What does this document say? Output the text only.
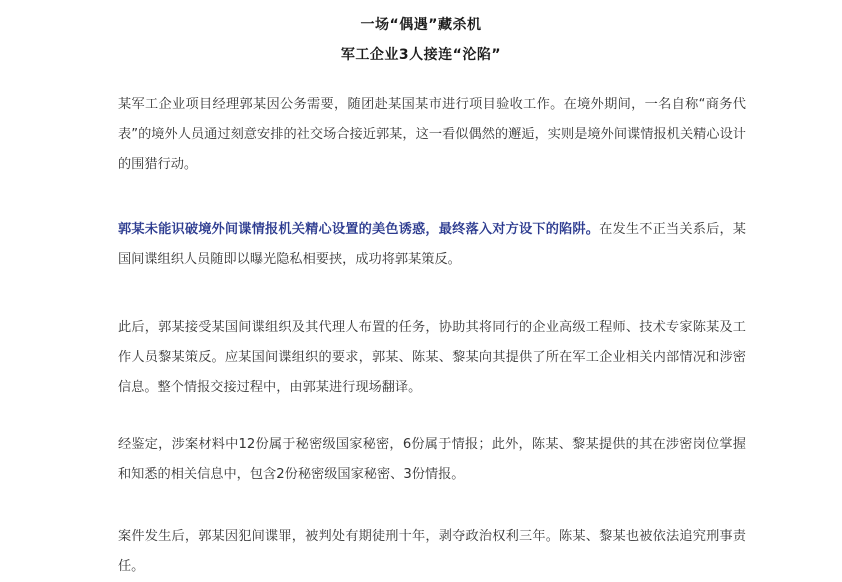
一场“偶遇”藏杀机
军工企业3人接连“沦陷”
某军工企业项目经理郭某因公务需要，随团赴某国某市进行项目验收工作。在境外期间，一名自称“商务代表”的境外人员通过刻意安排的社交场合接近郭某，这一看似偶然的邂逅，实则是境外间谍情报机关精心设计的围猎行动。
郭某未能识破境外间谍情报机关精心设置的美色诱惑，最终落入对方设下的陷阱。在发生不正当关系后，某国间谍组织人员随即以曝光隐私相要挟，成功将郭某策反。
此后，郭某接受某国间谍组织及其代理人布置的任务，协助其将同行的企业高级工程师、技术专家陈某及工作人员黎某策反。应某国间谍组织的要求，郭某、陈某、黎某向其提供了所在军工企业相关内部情况和涉密信息。整个情报交接过程中，由郭某进行现场翻译。
经鉴定，涉案材料中12份属于秘密级国家秘密，6份属于情报；此外，陈某、黎某提供的其在涉密岗位掌握和知悉的相关信息中，包含2份秘密级国家秘密、3份情报。
案件发生后，郭某因犯间谍罪，被判处有期徒刑十年，剥夺政治权利三年。陈某、黎某也被依法追究刑事责任。
